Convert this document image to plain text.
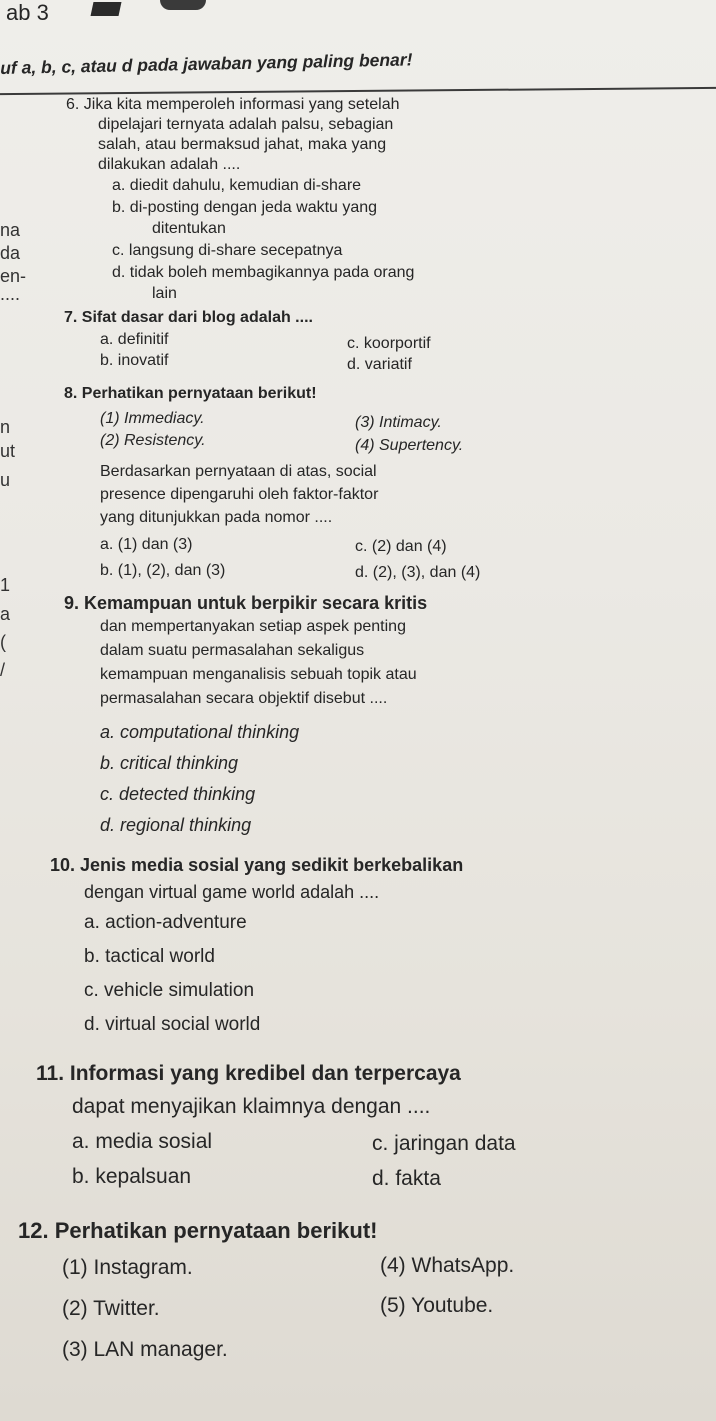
ab 3
uf a, b, c, atau d pada jawaban yang paling benar!
na
da
en-
....
n
ut
u
1
a
(
/
6. Jika kita memperoleh informasi yang setelah
dipelajari ternyata adalah palsu, sebagian
salah, atau bermaksud jahat, maka yang
dilakukan adalah ....
a. diedit dahulu, kemudian di-share
b. di-posting dengan jeda waktu yang
ditentukan
c. langsung di-share secepatnya
d. tidak boleh membagikannya pada orang
lain
7. Sifat dasar dari blog adalah ....
a. definitif
b. inovatif
c. koorportif
d. variatif
8. Perhatikan pernyataan berikut!
(1) Immediacy.
(2) Resistency.
(3) Intimacy.
(4) Supertency.
Berdasarkan pernyataan di atas, social
presence dipengaruhi oleh faktor-faktor
yang ditunjukkan pada nomor ....
a. (1) dan (3)
b. (1), (2), dan (3)
c. (2) dan (4)
d. (2), (3), dan (4)
9. Kemampuan untuk berpikir secara kritis
dan mempertanyakan setiap aspek penting
dalam suatu permasalahan sekaligus
kemampuan menganalisis sebuah topik atau
permasalahan secara objektif disebut ....
a. computational thinking
b. critical thinking
c. detected thinking
d. regional thinking
10. Jenis media sosial yang sedikit berkebalikan
dengan virtual game world adalah ....
a. action-adventure
b. tactical world
c. vehicle simulation
d. virtual social world
11. Informasi yang kredibel dan terpercaya
dapat menyajikan klaimnya dengan ....
a. media sosial
b. kepalsuan
c. jaringan data
d. fakta
12. Perhatikan pernyataan berikut!
(1) Instagram.
(2) Twitter.
(3) LAN manager.
(4) WhatsApp.
(5) Youtube.
